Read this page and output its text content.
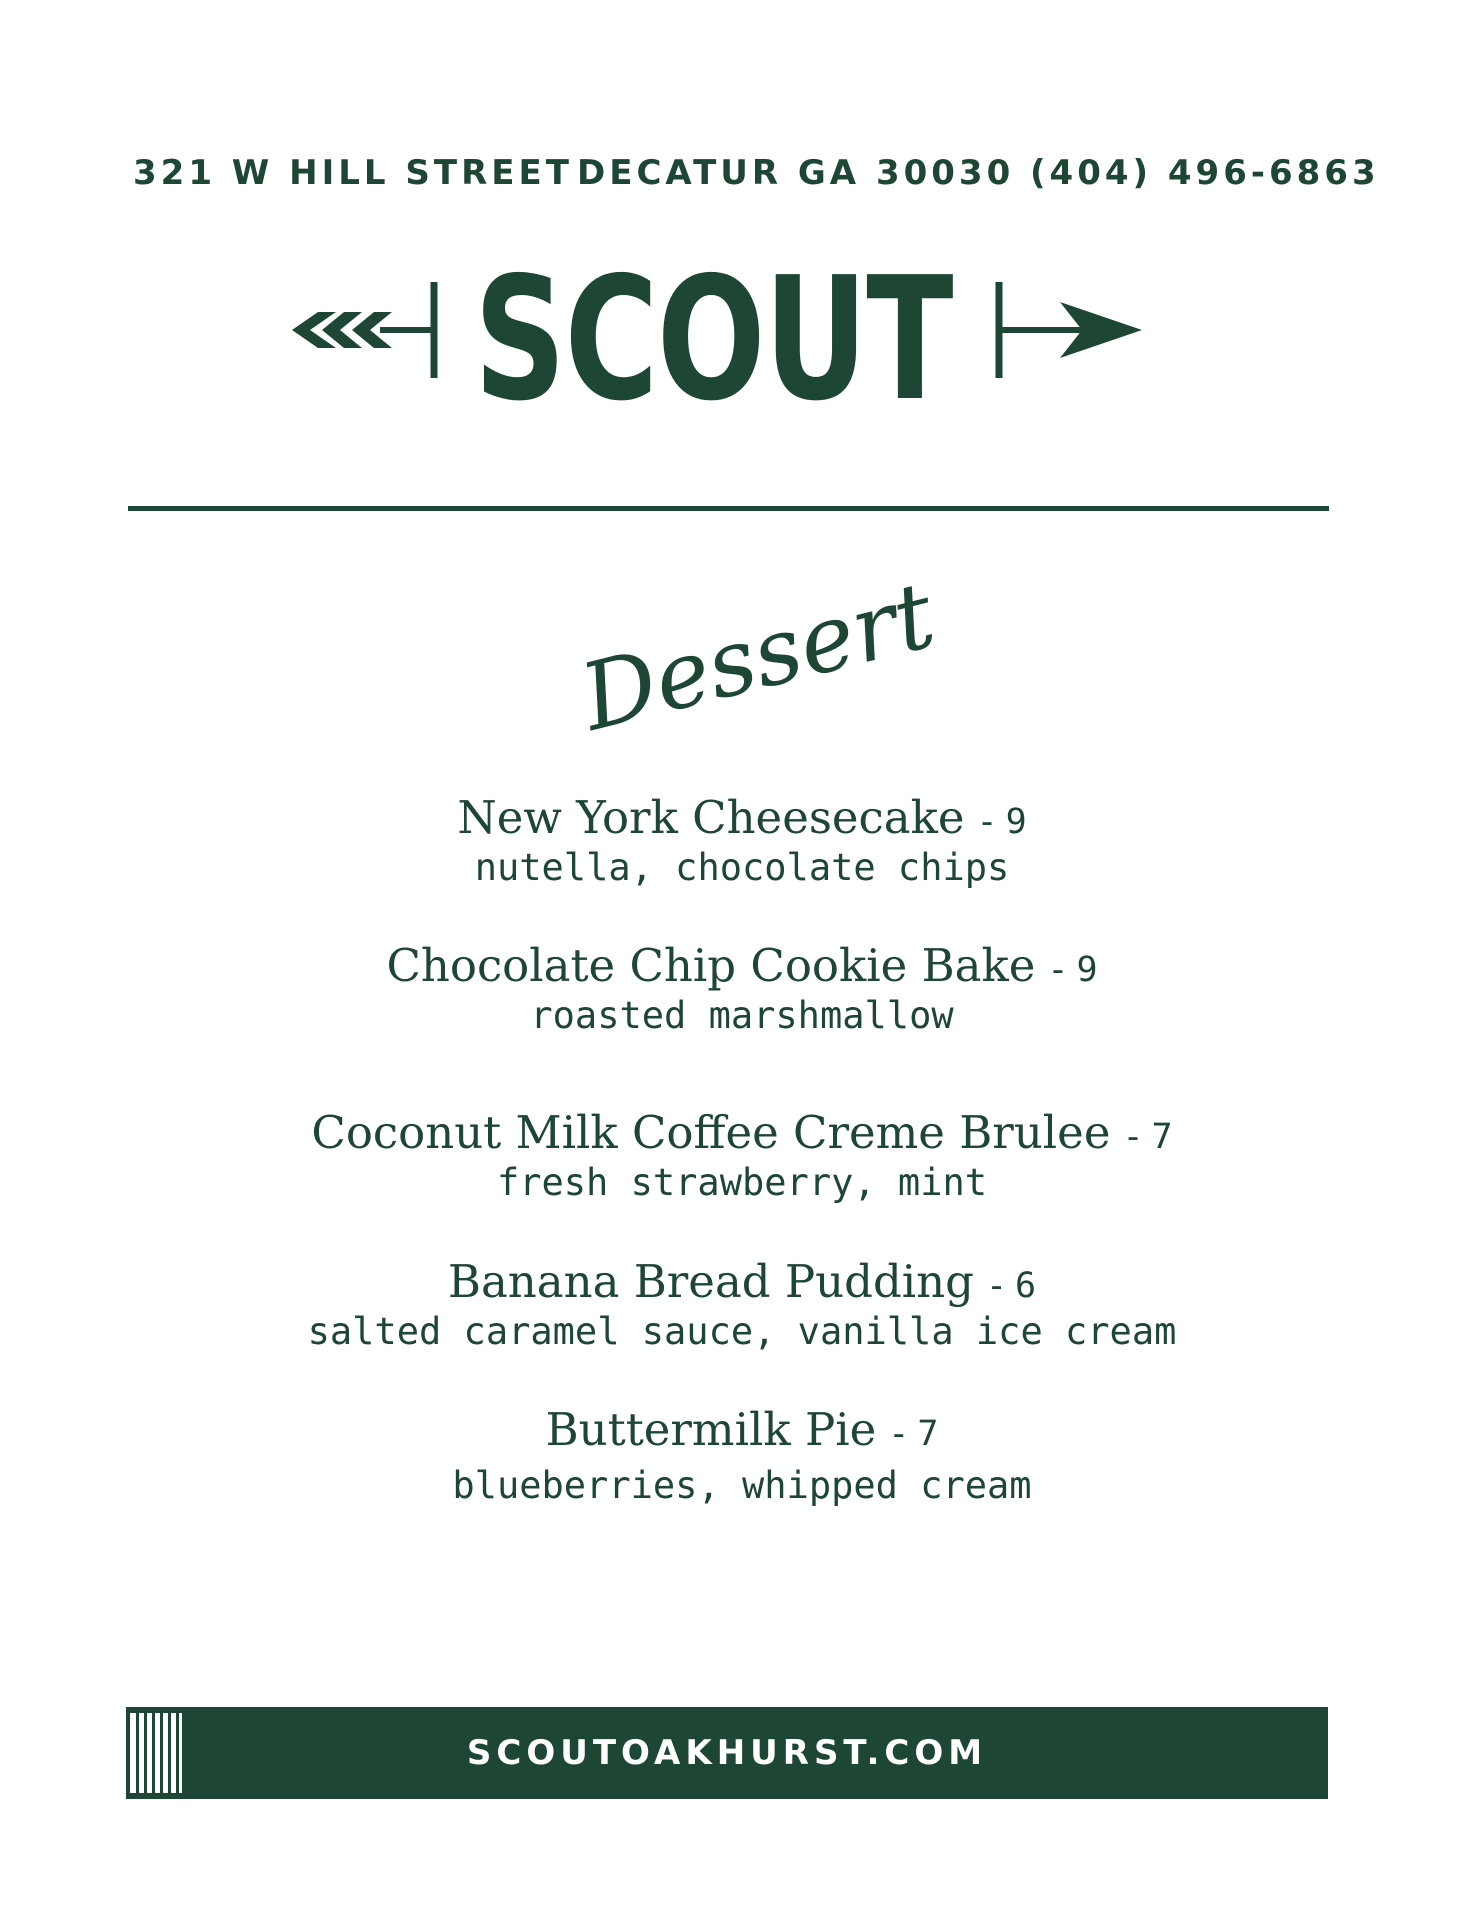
321 W HILL STREET DECATUR GA 30030 (404) 496-6863
SCOUT
Dessert
New York Cheesecake - 9
nutella, chocolate chips
Chocolate Chip Cookie Bake - 9
roasted marshmallow
Coconut Milk Coffee Creme Brulee - 7
fresh strawberry, mint
Banana Bread Pudding - 6
salted caramel sauce, vanilla ice cream
Buttermilk Pie - 7
blueberries, whipped cream
SCOUTOAKHURST.COM
